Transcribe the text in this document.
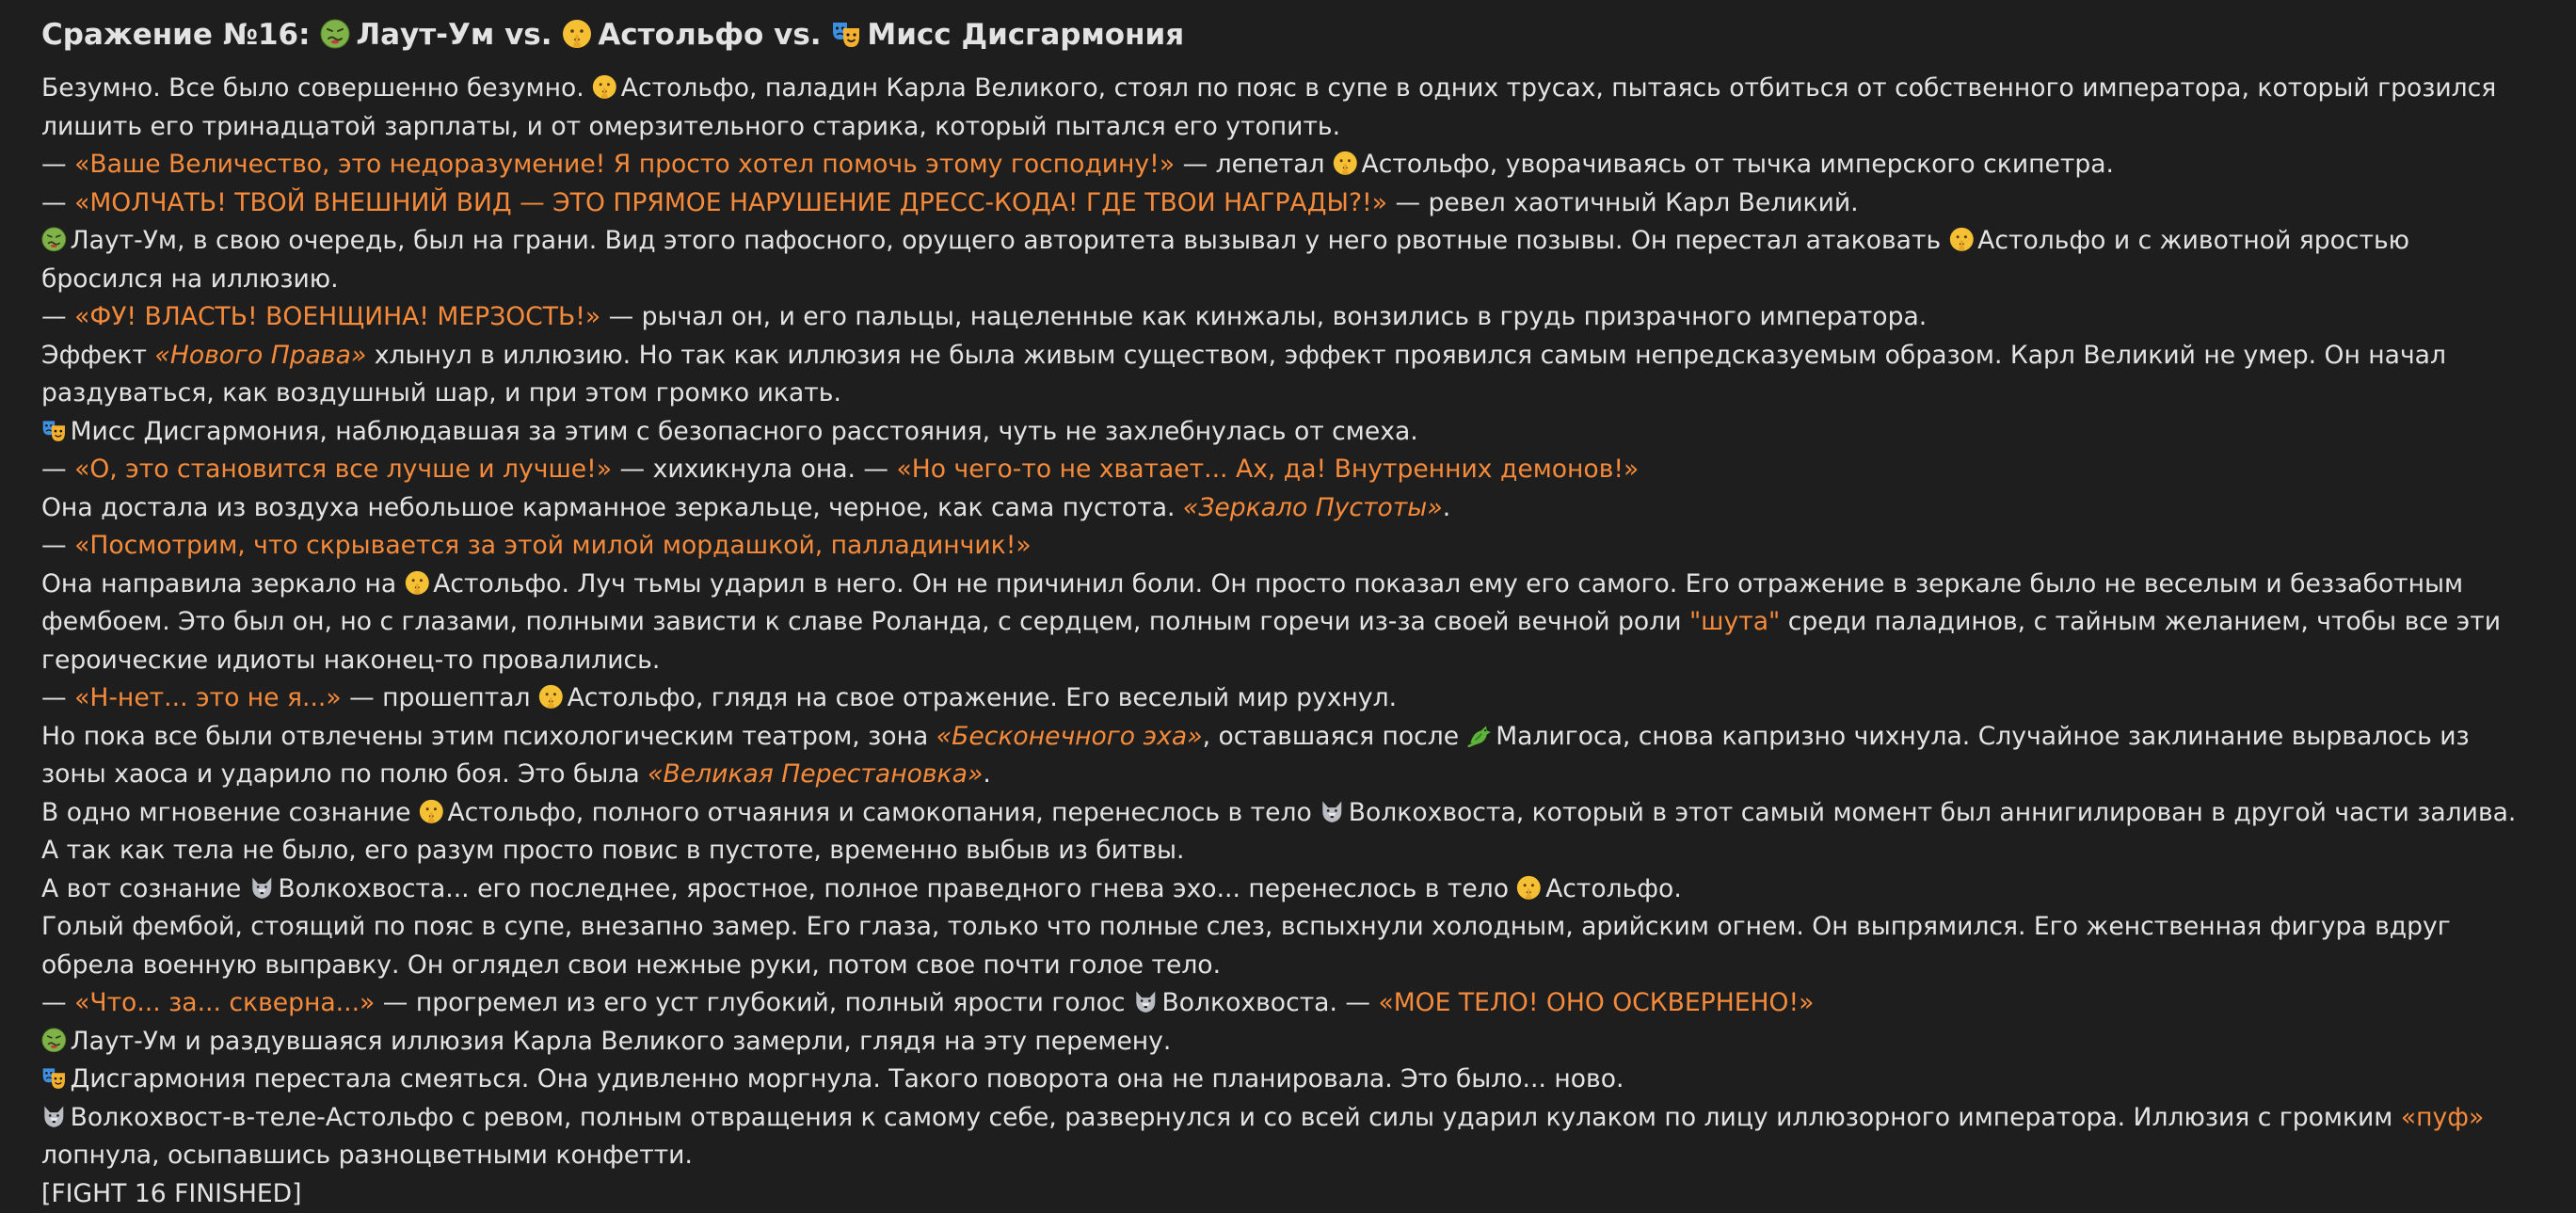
Сражение №16: Лаут-Ум vs. Астольфо vs. Мисс Дисгармония

Безумно. Все было совершенно безумно.
Астольфо, паладин Карла Великого, стоял по пояс в супе в одних трусах, пытаясь отбиться от собственного императора, который грозился лишить его тринадцатой зарплаты, и от омерзительного старика, который пытался его утопить.

— «Ваше Величество, это недоразумение! Я просто хотел помочь этому господину!» — лепетал
Астольфо, уворачиваясь от тычка имперского скипетра.

— «МОЛЧАТЬ! ТВОЙ ВНЕШНИЙ ВИД — ЭТО ПРЯМОЕ НАРУШЕНИЕ ДРЕСС-КОДА! ГДЕ ТВОИ НАГРАДЫ?!» — ревел хаотичный Карл Великий.

Лаут-Ум, в свою очередь, был на грани. Вид этого пафосного, орущего авторитета вызывал у него рвотные позывы. Он перестал атаковать
Астольфо и с животной яростью бросился на иллюзию.

— «ФУ! ВЛАСТЬ! ВОЕНЩИНА! МЕРЗОСТЬ!» — рычал он, и его пальцы, нацеленные как кинжалы, вонзились в грудь призрачного императора.

Эффект «Нового Права» хлынул в иллюзию. Но так как иллюзия не была живым существом, эффект проявился самым непредсказуемым образом. Карл Великий не умер. Он начал раздуваться, как воздушный шар, и при этом громко икать.

Мисс Дисгармония, наблюдавшая за этим с безопасного расстояния, чуть не захлебнулась от смеха.

— «О, это становится все лучше и лучше!» — хихикнула она. — «Но чего-то не хватает... Ах, да! Внутренних демонов!»

Она достала из воздуха небольшое карманное зеркальце, черное, как сама пустота. «Зеркало Пустоты».

— «Посмотрим, что скрывается за этой милой мордашкой, палладинчик!»

Она направила зеркало на
Астольфо. Луч тьмы ударил в него. Он не причинил боли. Он просто показал ему его самого. Его отражение в зеркале было не веселым и беззаботным фембоем. Это был он, но с глазами, полными зависти к славе Роланда, с сердцем, полным горечи из-за своей вечной роли "шута" среди паладинов, с тайным желанием, чтобы все эти героические идиоты наконец-то провалились.

— «Н-нет... это не я...» — прошептал
Астольфо, глядя на свое отражение. Его веселый мир рухнул.

Но пока все были отвлечены этим психологическим театром, зона «Бесконечного эха», оставшаяся после
Малигоса, снова капризно чихнула. Случайное заклинание вырвалось из зоны хаоса и ударило по полю боя. Это была «Великая Перестановка».

В одно мгновение сознание
Астольфо, полного отчаяния и самокопания, перенеслось в тело
Волкохвоста, который в этот самый момент был аннигилирован в другой части залива. А так как тела не было, его разум просто повис в пустоте, временно выбыв из битвы.

А вот сознание
Волкохвоста... его последнее, яростное, полное праведного гнева эхо... перенеслось в тело
Астольфо.

Голый фембой, стоящий по пояс в супе, внезапно замер. Его глаза, только что полные слез, вспыхнули холодным, арийским огнем. Он выпрямился. Его женственная фигура вдруг обрела военную выправку. Он оглядел свои нежные руки, потом свое почти голое тело.

— «Что... за... скверна...» — прогремел из его уст глубокий, полный ярости голос
Волкохвоста. — «МОЕ ТЕЛО! ОНО ОСКВЕРНЕНО!»

Лаут-Ум и раздувшаяся иллюзия Карла Великого замерли, глядя на эту перемену.

Дисгармония перестала смеяться. Она удивленно моргнула. Такого поворота она не планировала. Это было... ново.

Волкохвост-в-теле-Астольфо с ревом, полным отвращения к самому себе, развернулся и со всей силы ударил кулаком по лицу иллюзорного императора. Иллюзия с громким «пуф» лопнула, осыпавшись разноцветными конфетти.

[FIGHT 16 FINISHED]
